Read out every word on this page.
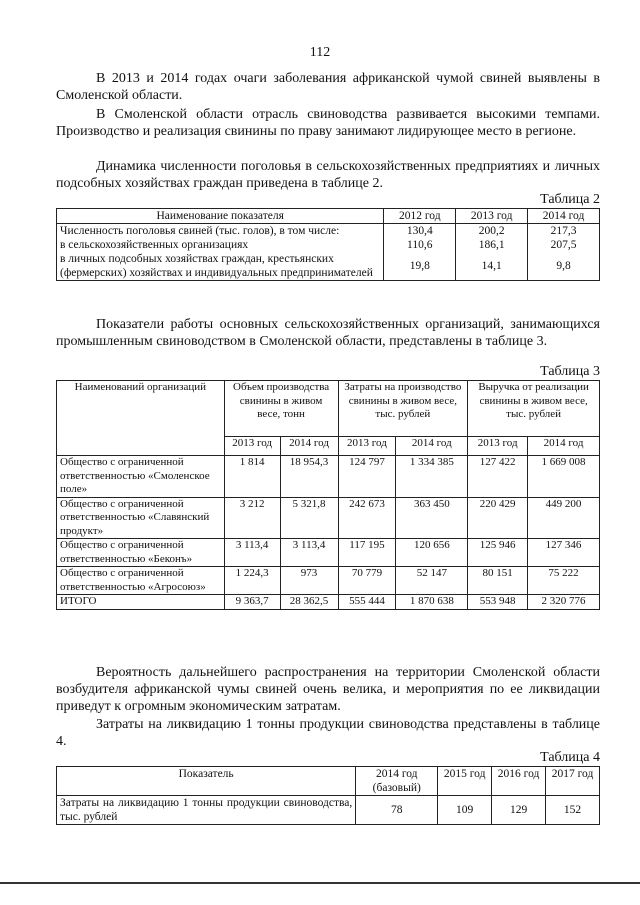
112
В 2013 и 2014 годах очаги заболевания африканской чумой свиней выявлены в Смоленской области.
В Смоленской области отрасль свиноводства развивается высокими темпами. Производство и реализация свинины по праву занимают лидирующее место в регионе.
Динамика численности поголовья в сельскохозяйственных предприятиях и личных подсобных хозяйствах граждан приведена в таблице 2.
Таблица 2
Наименование показателя	2012 год	2013 год	2014 год
Численность поголовья свиней (тыс. голов), в том числе:	130,4	200,2	217,3
в сельскохозяйственных организациях	110,6	186,1	207,5
в личных подсобных хозяйствах граждан, крестьянских (фермерских) хозяйствах и индивидуальных предпринимателей	19,8	14,1	9,8
Показатели работы основных сельскохозяйственных организаций, занимающихся промышленным свиноводством в Смоленской области, представлены в таблице 3.
Таблица 3
Наименований организаций	Объем производства свинины в живом весе, тонн		Затраты на производство свинины в живом весе, тыс. рублей		Выручка от реализации свинины в живом весе, тыс. рублей	
	2013 год	2014 год	2013 год	2014 год	2013 год	2014 год
Общество с ограниченной ответственностью «Смоленское поле»	1 814	18 954,3	124 797	1 334 385	127 422	1 669 008
Общество с ограниченной ответственностью «Славянский продукт»	3 212	5 321,8	242 673	363 450	220 429	449 200
Общество с ограниченной ответственностью «Беконъ»	3 113,4	3 113,4	117 195	120 656	125 946	127 346
Общество с ограниченной ответственностью «Агросоюз»	1 224,3	973	70 779	52 147	80 151	75 222
ИТОГО	9 363,7	28 362,5	555 444	1 870 638	553 948	2 320 776
Вероятность дальнейшего распространения на территории Смоленской области возбудителя африканской чумы свиней очень велика, и мероприятия по ее ликвидации приведут к огромным экономическим затратам.
Затраты на ликвидацию 1 тонны продукции свиноводства представлены в таблице 4.
Таблица 4
Показатель	2014 год (базовый)	2015 год	2016 год	2017 год
Затраты на ликвидацию 1 тонны продукции свиноводства, тыс. рублей	78	109	129	152
